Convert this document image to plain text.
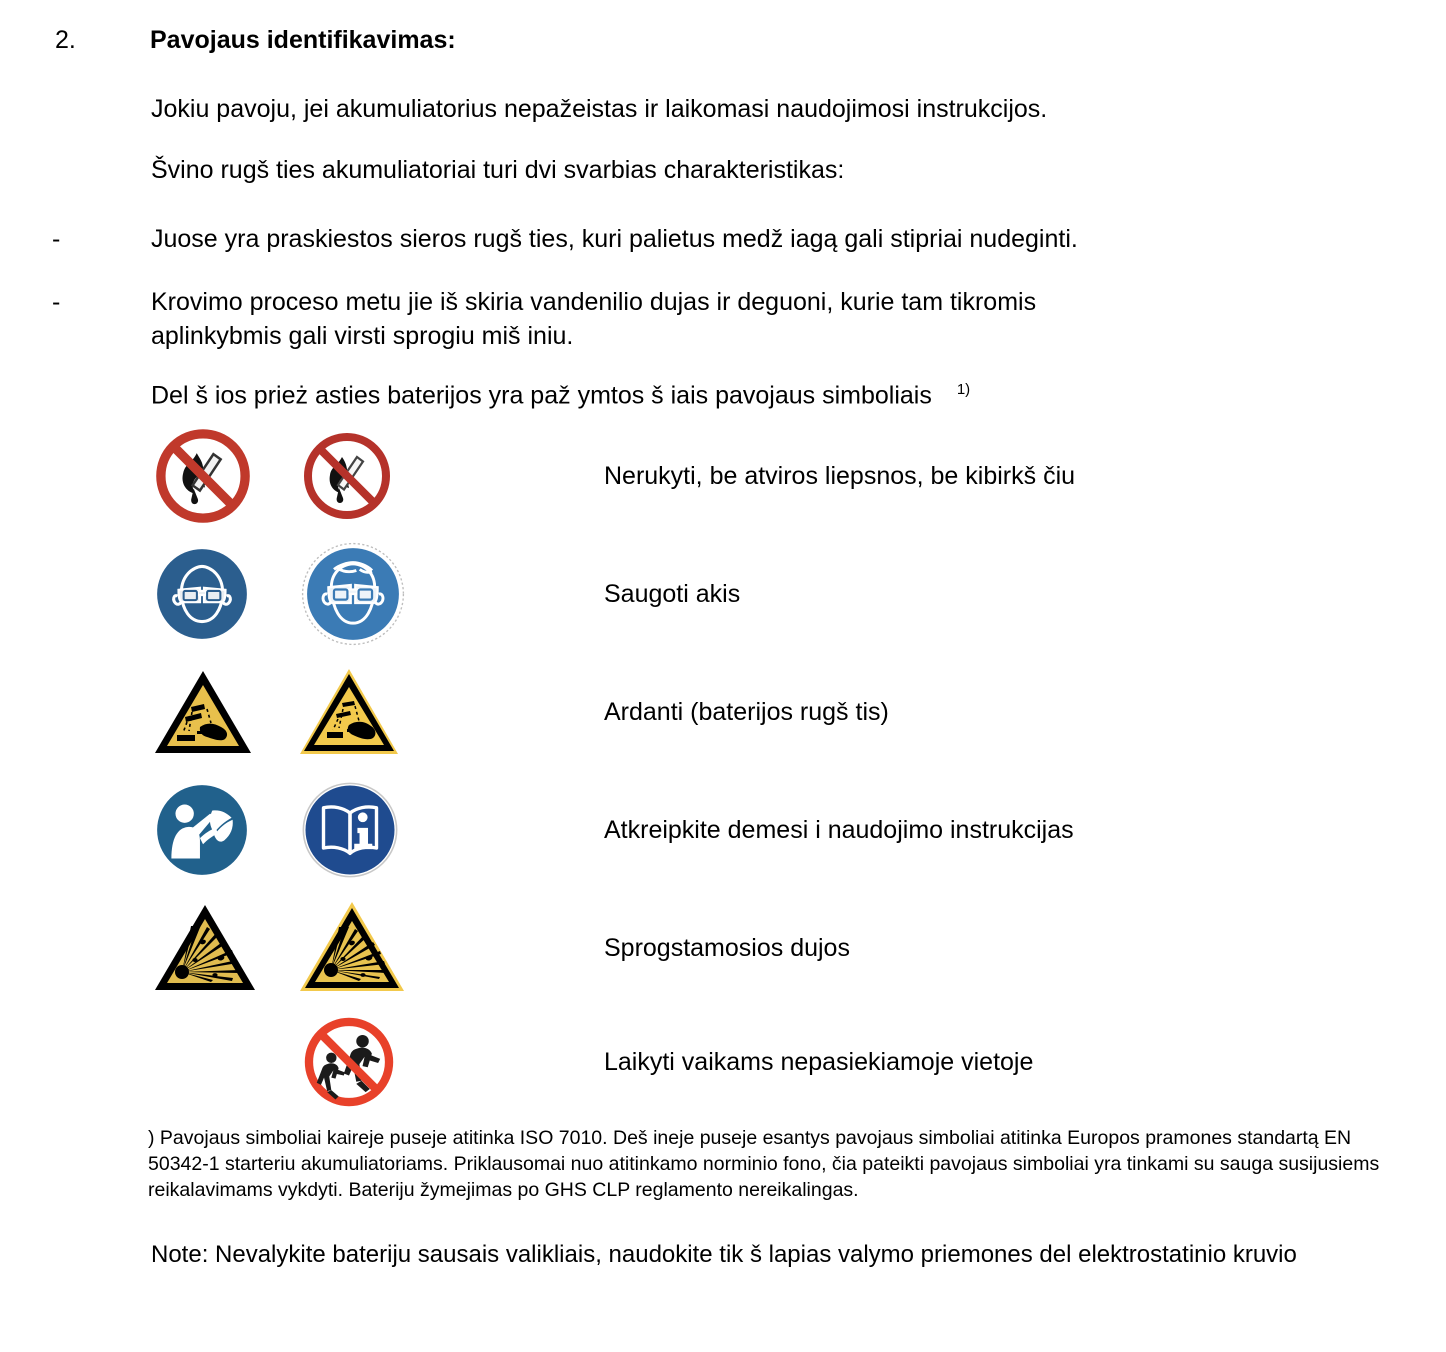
2.	Pavojaus identifikavimas:
Jokiu pavoju, jei akumuliatorius nepažeistas ir laikomasi naudojimosi instrukcijos.
Švino rugš ties akumuliatoriai turi dvi svarbias charakteristikas:
-	Juose yra praskiestos sieros rugš ties, kuri palietus medž iagą gali stipriai nudeginti.
-	Krovimo proceso metu jie iš skiria vandenilio dujas ir deguoni, kurie tam tikromis
aplinkybmis gali virsti sprogiu miš iniu.
Del š ios prież asties baterijos yra paž ymtos š iais pavojaus simboliais $^{1)}$
Nerukyti, be atviros liepsnos, be kibirkš čiu
Saugoti akis
Ardanti (baterijos rugš tis)
Atkreipkite demesi i naudojimo instrukcijas
Sprogstamosios dujos
Laikyti vaikams nepasiekiamoje vietoje
) Pavojaus simboliai kaireje puseje atitinka ISO 7010. Deš ineje puseje esantys pavojaus simboliai atitinka Europos pramones standartą EN 50342-1 starteriu akumuliatoriams. Priklausomai nuo atitinkamo norminio fono, čia pateikti pavojaus simboliai yra tinkami su sauga susijusiems reikalavimams vykdyti. Bateriju žymejimas po GHS CLP reglamento nereikalingas.
Note: Nevalykite bateriju sausais valikliais, naudokite tik š lapias valymo priemones del elektrostatinio kruvio
